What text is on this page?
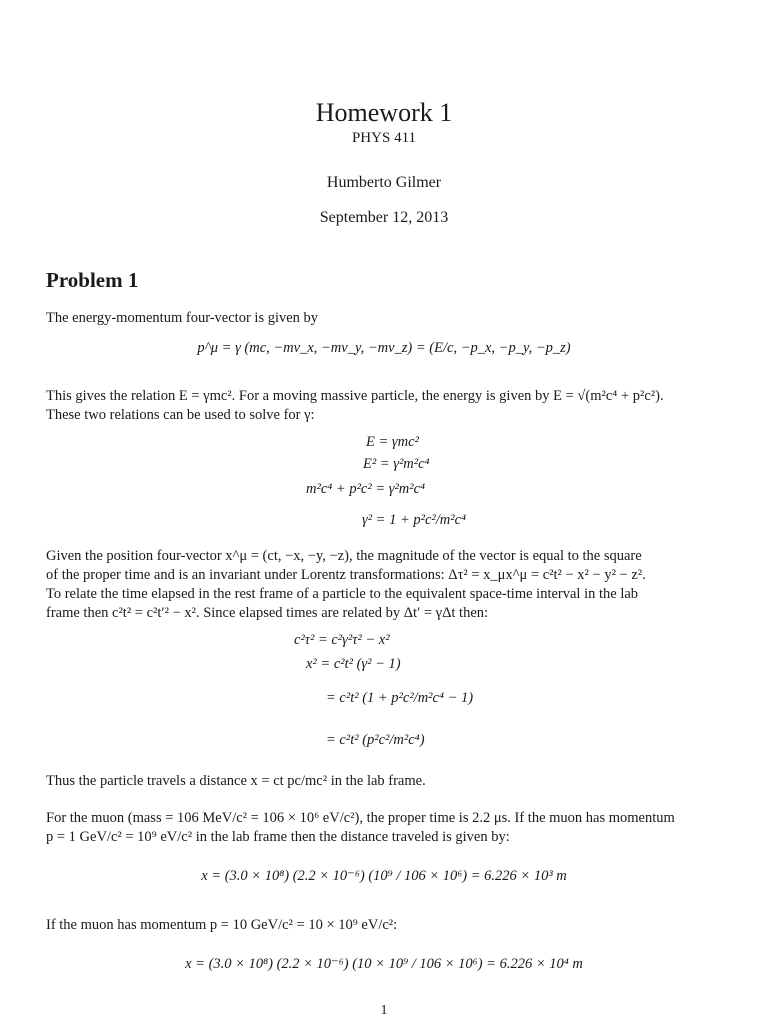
Homework 1
PHYS 411
Humberto Gilmer
September 12, 2013
Problem 1
The energy-momentum four-vector is given by
p^μ = γ (mc, −mv_x, −mv_y, −mv_z) = (E/c, −p_x, −p_y, −p_z)
This gives the relation E = γmc². For a moving massive particle, the energy is given by E = √(m²c⁴ + p²c²).
These two relations can be used to solve for γ:
E = γmc²
E² = γ²m²c⁴
m²c⁴ + p²c² = γ²m²c⁴
γ² = 1 + p²c²/m²c⁴
Given the position four-vector x^μ = (ct, −x, −y, −z), the magnitude of the vector is equal to the square
of the proper time and is an invariant under Lorentz transformations: Δτ² = x_μx^μ = c²t² − x² − y² − z².
To relate the time elapsed in the rest frame of a particle to the equivalent space-time interval in the lab
frame then c²t² = c²t′² − x². Since elapsed times are related by Δt′ = γΔt then:
c²τ² = c²γ²τ² − x²
x² = c²t² (γ² − 1)
= c²t² (1 + p²c²/m²c⁴ − 1)
= c²t² (p²c²/m²c⁴)
Thus the particle travels a distance x = ct pc/mc² in the lab frame.
For the muon (mass = 106 MeV/c² = 106 × 10⁶ eV/c²), the proper time is 2.2 μs. If the muon has momentum
p = 1 GeV/c² = 10⁹ eV/c² in the lab frame then the distance traveled is given by:
x = (3.0 × 10⁸) (2.2 × 10⁻⁶) (10⁹ / 106 × 10⁶) = 6.226 × 10³ m
If the muon has momentum p = 10 GeV/c² = 10 × 10⁹ eV/c²:
x = (3.0 × 10⁸) (2.2 × 10⁻⁶) (10 × 10⁹ / 106 × 10⁶) = 6.226 × 10⁴ m
1
